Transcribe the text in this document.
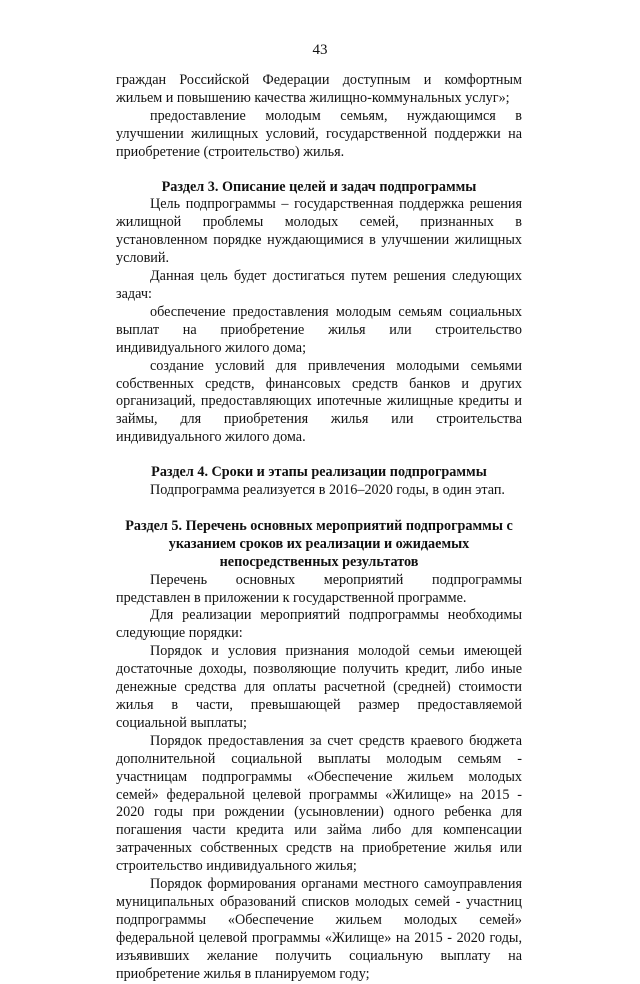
43

граждан Российской Федерации доступным и комфортным жильем и повышению качества жилищно-коммунальных услуг»;

предоставление молодым семьям, нуждающимся в улучшении жилищных условий, государственной поддержки на приобретение (строительство) жилья.

Раздел 3. Описание целей и задач подпрограммы

Цель подпрограммы – государственная поддержка решения жилищной проблемы молодых семей, признанных в установленном порядке нуждающимися в улучшении жилищных условий.

Данная цель будет достигаться путем решения следующих задач:

обеспечение предоставления молодым семьям социальных выплат на приобретение жилья или строительство индивидуального жилого дома;

создание условий для привлечения молодыми семьями собственных средств, финансовых средств банков и других организаций, предоставляющих ипотечные жилищные кредиты и займы, для приобретения жилья или строительства индивидуального жилого дома.

Раздел 4. Сроки и этапы реализации подпрограммы

Подпрограмма реализуется в 2016–2020 годы, в один этап.

Раздел 5. Перечень основных мероприятий подпрограммы с указанием сроков их реализации и ожидаемых непосредственных результатов

Перечень основных мероприятий подпрограммы представлен в приложении к государственной программе.

Для реализации мероприятий подпрограммы необходимы следующие порядки:

Порядок и условия признания молодой семьи имеющей достаточные доходы, позволяющие получить кредит, либо иные денежные средства для оплаты расчетной (средней) стоимости жилья в части, превышающей размер предоставляемой социальной выплаты;

Порядок предоставления за счет средств краевого бюджета дополнительной социальной выплаты молодым семьям - участницам подпрограммы «Обеспечение жильем молодых семей» федеральной целевой программы «Жилище» на 2015 - 2020 годы при рождении (усыновлении) одного ребенка для погашения части кредита или займа либо для компенсации затраченных собственных средств на приобретение жилья или строительство индивидуального жилья;

Порядок формирования органами местного самоуправления муниципальных образований списков молодых семей - участниц подпрограммы «Обеспечение жильем молодых семей» федеральной целевой программы «Жилище» на 2015 - 2020 годы, изъявивших желание получить социальную выплату на приобретение жилья в планируемом году;
